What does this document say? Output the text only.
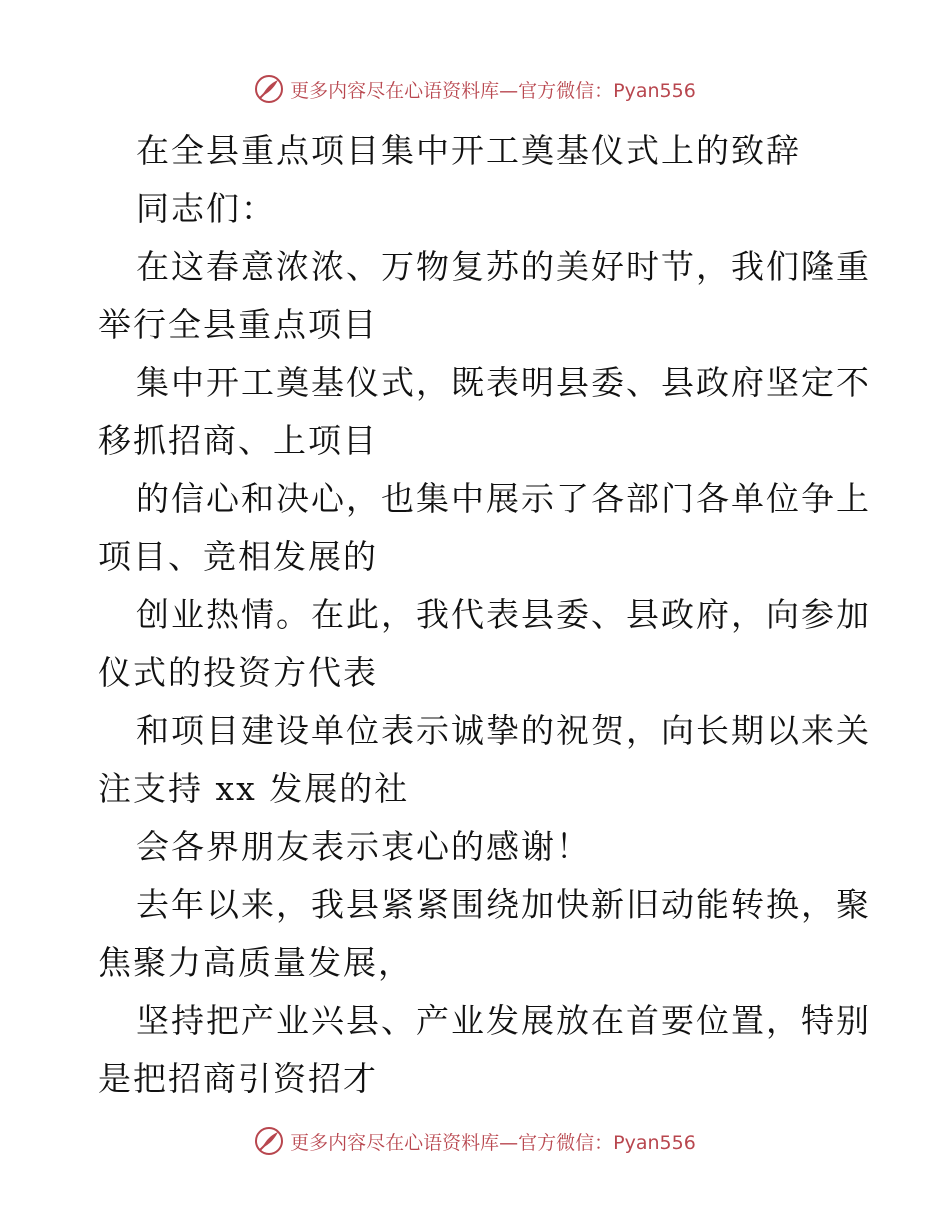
更多内容尽在心语资料库—官方微信：Pyan556
在全县重点项目集中开工奠基仪式上的致辞
同志们：
在这春意浓浓、万物复苏的美好时节，我们隆重
举行全县重点项目
集中开工奠基仪式，既表明县委、县政府坚定不
移抓招商、上项目
的信心和决心，也集中展示了各部门各单位争上
项目、竞相发展的
创业热情。在此，我代表县委、县政府，向参加
仪式的投资方代表
和项目建设单位表示诚挚的祝贺，向长期以来关
注支持 xx 发展的社
会各界朋友表示衷心的感谢！
去年以来，我县紧紧围绕加快新旧动能转换，聚
焦聚力高质量发展，
坚持把产业兴县、产业发展放在首要位置，特别
是把招商引资招才
更多内容尽在心语资料库—官方微信：Pyan556
